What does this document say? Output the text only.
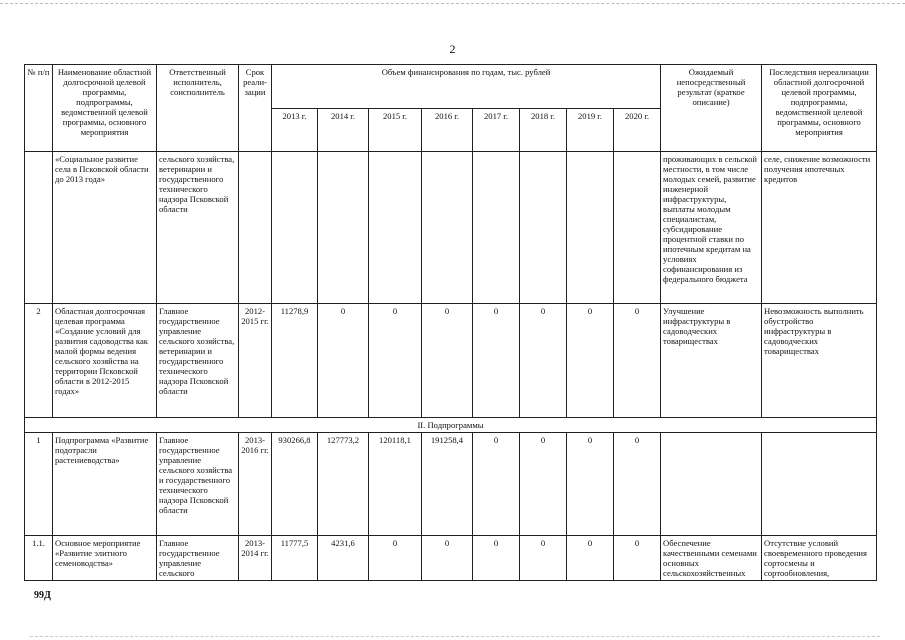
2
№ п/п	Наименование областной долгосрочной целевой программы, подпрограммы, ведомственной целевой программы, основного мероприятия	Ответственный исполнитель, соисполнитель	Срок реали-зации	Объем финансирования по годам, тыс. рублей								Ожидаемый непосредственный результат (краткое описание)	Последствия нереализации областной долгосрочной целевой программы, подпрограммы, ведомственной целевой программы, основного мероприятия
				2013 г.	2014 г.	2015 г.	2016 г.	2017 г.	2018 г.	2019 г.	2020 г.		
	«Социальное развитие села в Псковской области до 2013 года»	сельского хозяйства, ветеринарии и государственного технического надзора Псковской области										проживающих в сельской местности, в том числе молодых семей, развитие инженерной инфраструктуры, выплаты молодым специалистам, субсидирование процентной ставки по ипотечным кредитам на условиях софинансирования из федерального бюджета	селе, снижение возможности получения ипотечных кредитов
2	Областная долгосрочная целевая программа «Создание условий для развития садоводства как малой формы ведения сельского хозяйства на территории Псковской области в 2012-2015 годах»	Главное государственное управление сельского хозяйства, ветеринарии и государственного технического надзора Псковской области	2012-2015 гг.	11278,9	0	0	0	0	0	0	0	Улучшение инфраструктуры в садоводческих товариществах	Невозможность выполнить обустройство инфраструктуры в садоводческих товариществах
II. Подпрограммы													
1	Подпрограмма «Развитие подотрасли растениеводства»	Главное государственное управление сельского хозяйства и государственного технического надзора Псковской области	2013-2016 гг.	930266,8	127773,2	120118,1	191258,4	0	0	0	0		
1.1.	Основное мероприятие «Развитие элитного семеноводства»	Главное государственное управление сельского	2013-2014 гг.	11777,5	4231,6	0	0	0	0	0	0	Обеспечение качественными семенами основных сельскохозяйственных	Отсутствие условий своевременного проведения сортосмены и сортообновления,
99Д
